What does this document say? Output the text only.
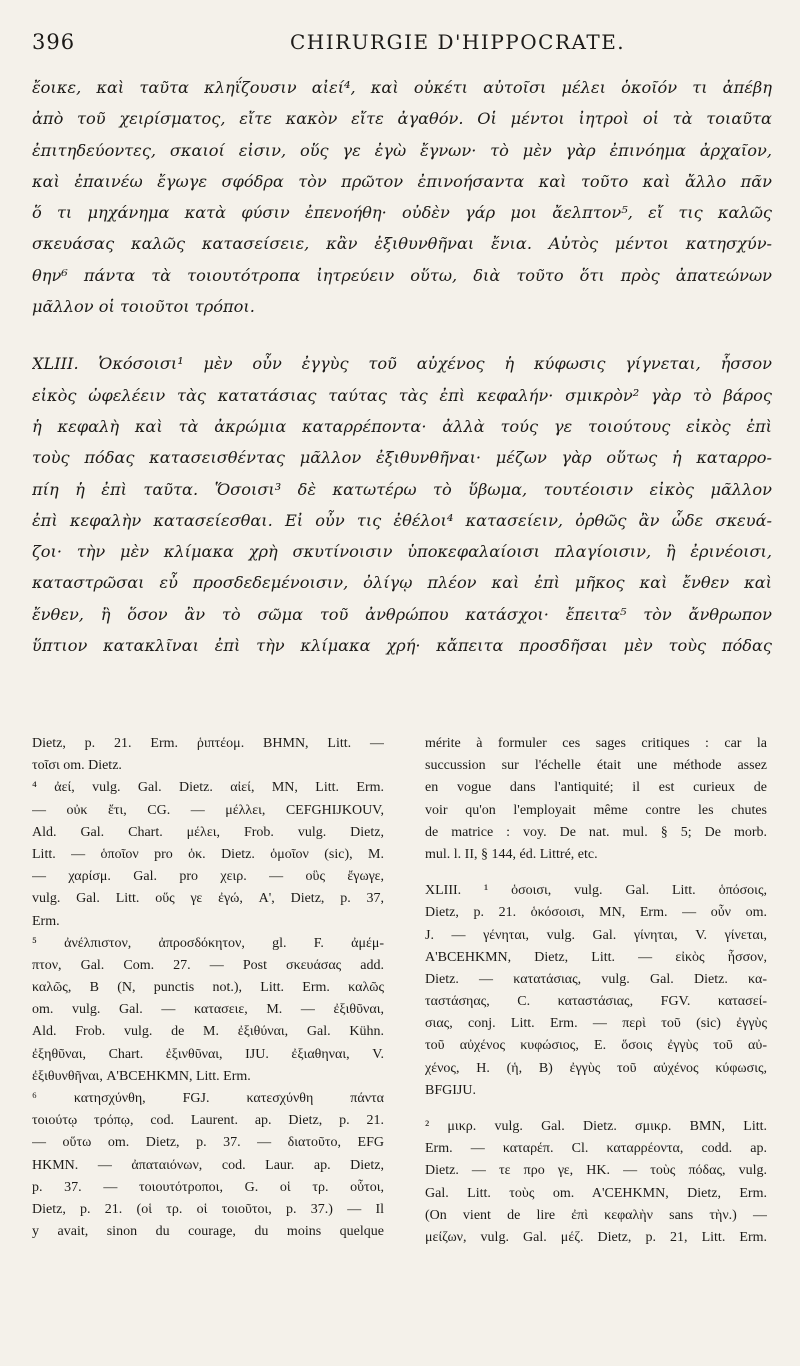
396	CHIRURGIE D'HIPPOCRATE.
ἔοικε, καὶ ταῦτα κληΐζουσιν αἰεί⁴, καὶ οὐκέτι αὐτοῖσι μέλει ὁκοῖόν τι ἀπέβη
ἀπὸ τοῦ χειρίσματος, εἴτε κακὸν εἴτε ἀγαθόν. Οἱ μέντοι ἰητροὶ οἱ τὰ τοιαῦτα
ἐπιτηδεύοντες, σκαιοί εἰσιν, οὕς γε ἐγὼ ἔγνων· τὸ μὲν γὰρ ἐπινόημα ἀρχαῖον,
καὶ ἐπαινέω ἔγωγε σφόδρα τὸν πρῶτον ἐπινοήσαντα καὶ τοῦτο καὶ ἄλλο πᾶν
ὅ τι μηχάνημα κατὰ φύσιν ἐπενοήθη· οὐδὲν γάρ μοι ἄελπτον⁵, εἴ τις καλῶς
σκευάσας καλῶς κατασείσειε, κἂν ἐξιθυνθῆναι ἔνια. Αὐτὸς μέντοι κατησχύν-
θην⁶ πάντα τὰ τοιουτότροπα ἰητρεύειν οὕτω, διὰ τοῦτο ὅτι πρὸς ἀπατεώνων
μᾶλλον οἱ τοιοῦτοι τρόποι.
XLIII. Ὁκόσοισι¹ μὲν οὖν ἐγγὺς τοῦ αὐχένος ἡ κύφωσις γίγνεται, ἧσσον
εἰκὸς ὠφελέειν τὰς κατατάσιας ταύτας τὰς ἐπὶ κεφαλήν· σμικρὸν² γὰρ τὸ βάρος
ἡ κεφαλὴ καὶ τὰ ἀκρώμια καταρρέποντα· ἀλλὰ τούς γε τοιούτους εἰκὸς ἐπὶ
τοὺς πόδας κατασεισθέντας μᾶλλον ἐξιθυνθῆναι· μέζων γὰρ οὕτως ἡ καταρρο-
πίη ἡ ἐπὶ ταῦτα. Ὅσοισι³ δὲ κατωτέρω τὸ ὕβωμα, τουτέοισιν εἰκὸς μᾶλλον
ἐπὶ κεφαλὴν κατασείεσθαι. Εἰ οὖν τις ἐθέλοι⁴ κατασείειν, ὀρθῶς ἂν ὧδε σκευά-
ζοι· τὴν μὲν κλίμακα χρὴ σκυτίνοισιν ὑποκεφαλαίοισι πλαγίοισιν, ἢ ἐρινέοισι,
καταστρῶσαι εὖ προσδεδεμένοισιν, ὀλίγῳ πλέον καὶ ἐπὶ μῆκος καὶ ἔνθεν καὶ
ἔνθεν, ἢ ὅσον ἂν τὸ σῶμα τοῦ ἀνθρώπου κατάσχοι· ἔπειτα⁵ τὸν ἄνθρωπον
ὕπτιον κατακλῖναι ἐπὶ τὴν κλίμακα χρή· κἄπειτα προσδῆσαι μὲν τοὺς πόδας
Dietz, p. 21. Erm. ῥιπτέομ. BHMN, Litt. —
τοῖσι om. Dietz.
⁴ ἀεί, vulg. Gal. Dietz. αἰεί, MN, Litt. Erm.
— οὐκ ἔτι, CG. — μέλλει, CEFGHIJKOUV,
Ald. Gal. Chart. μέλει, Frob. vulg. Dietz,
Litt. — ὁποῖον pro ὁκ. Dietz. ὁμοῖον (sic), M.
— χαρίσμ. Gal. pro χειρ. — οὓς ἔγωγε,
vulg. Gal. Litt. οὕς γε ἐγώ, A', Dietz, p. 37,
Erm.
⁵ ἀνέλπιστον, ἀπροσδόκητον, gl. F. ἀμέμ-
πτον, Gal. Com. 27. — Post σκευάσας add.
καλῶς, B (N, punctis not.), Litt. Erm. καλῶς
om. vulg. Gal. — κατασειε, M. — ἐξιθῦναι,
Ald. Frob. vulg. de M. ἐξιθύναι, Gal. Kühn.
ἐξηθῦναι, Chart. ἐξινθῦναι, IJU. ἐξιαθηναι, V.
ἐξιθυνθῆναι, A'BCEHKMN, Litt. Erm.
⁶ κατησχύνθη, FGJ. κατεσχύνθη πάντα
τοιούτῳ τρόπῳ, cod. Laurent. ap. Dietz, p. 21.
— οὕτω om. Dietz, p. 37. — διατοῦτο, EFG
HKMN. — ἀπαταιόνων, cod. Laur. ap. Dietz,
p. 37. — τοιουτότροποι, G. οἱ τρ. οὗτοι,
Dietz, p. 21. (οἱ τρ. οἱ τοιοῦτοι, p. 37.) — Il
y avait, sinon du courage, du moins quelque
mérite à formuler ces sages critiques : car la
succussion sur l'échelle était une méthode assez
en vogue dans l'antiquité; il est curieux de
voir qu'on l'employait même contre les chutes
de matrice : voy. De nat. mul. § 5; De morb.
mul. l. II, § 144, éd. Littré, etc.
XLIII. ¹ ὁσοισι, vulg. Gal. Litt. ὁπόσοις,
Dietz, p. 21. ὁκόσοισι, MN, Erm. — οὖν om.
J. — γένηται, vulg. Gal. γίνηται, V. γίνεται,
A'BCEHKMN, Dietz, Litt. — εἰκὸς ἧσσον,
Dietz. — κατατάσιας, vulg. Gal. Dietz. κα-
ταστάσηας, C. καταστάσιας, FGV. κατασεί-
σιας, conj. Litt. Erm. — περὶ τοῦ (sic) ἐγγὺς
τοῦ αὐχένος κυφώσιος, E. ὅσοις ἐγγὺς τοῦ αὐ-
χένος, H. (ἡ, B) ἐγγὺς τοῦ αὐχένος κύφωσις,
BFGIJU.
² μικρ. vulg. Gal. Dietz. σμικρ. BMN, Litt.
Erm. — καταρέπ. Cl. καταρρέοντα, codd. ap.
Dietz. — τε προ γε, HK. — τοὺς πόδας, vulg.
Gal. Litt. τοὺς om. A'CEHKMN, Dietz, Erm.
(On vient de lire ἐπὶ κεφαλὴν sans τὴν.) —
μείζων, vulg. Gal. μέζ. Dietz, p. 21, Litt. Erm.
